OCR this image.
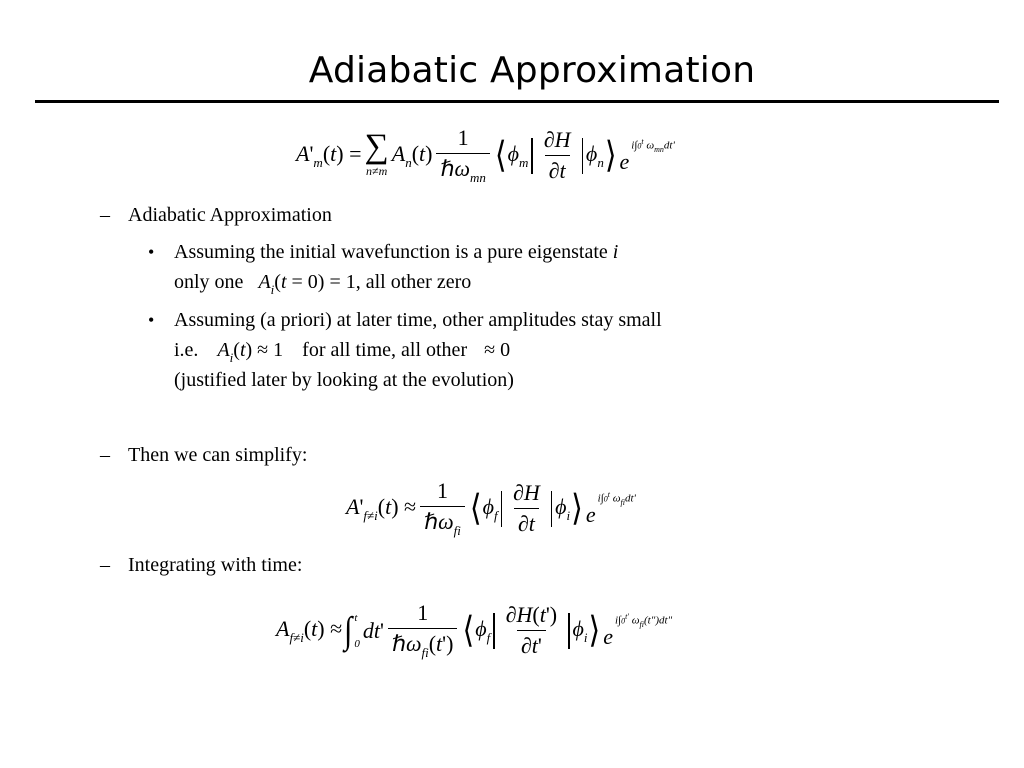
Adiabatic Approximation
$A'_m(t)$ = ∑
n≠m
$A_n(t) \frac{1}{\hbar\omega_{mn}}$ ⟨ $\phi_m \frac{\partial H}{\partial t} \phi_n$ ⟩ e
i∫0$^t$ $\omega_{mn}dt'$
– Adiabatic Approximation
• Assuming the initial wavefunction is a pure eigenstate i
only one $A_i(t = 0) = 1$, all other zero
• Assuming (a priori) at later time, other amplitudes stay small
i.e. $A_i(t) \approx 1$ for all time, all other ≈ 0
(justified later by looking at the evolution)
– Then we can simplify:
$A'_{f\ne i}(t) \approx \frac{1}{\hbar\omega_{fi}}$ ⟨ $\phi_f \frac{\partial H}{\partial t} \phi_i$ ⟩ e
i∫0$^t$ $\omega_{fi}dt'$
– Integrating with time:
$A_{f\ne i}(t)$ ≈ ∫ t
0
$dt' \frac{1}{\hbar\omega_{fi}(t')}$ ⟨ $\phi_f \frac{\partial H(t')}{\partial t'} \phi_i$ ⟩ e
$i\int 0^{t'}$ $\omega_{fi}(t")dt$"
